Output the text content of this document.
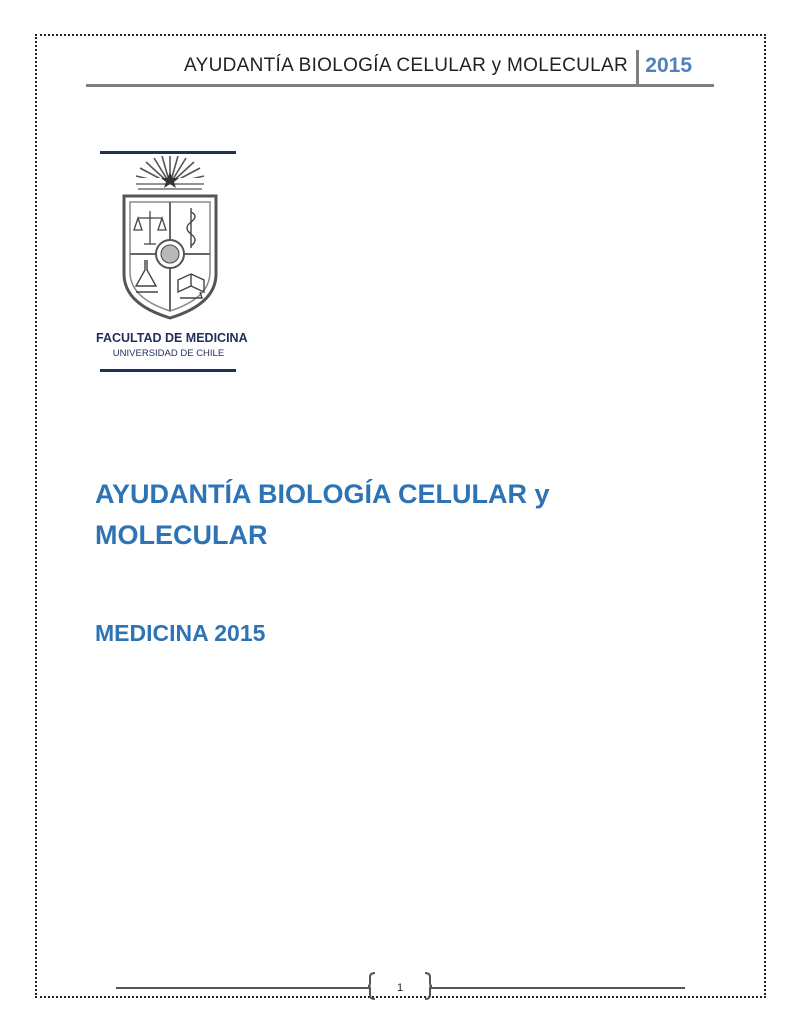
AYUDANTÍA BIOLOGÍA CELULAR y MOLECULAR 2015
FACULTAD DE MEDICINA
UNIVERSIDAD DE CHILE
AYUDANTÍA BIOLOGÍA CELULAR y MOLECULAR
MEDICINA 2015
1
